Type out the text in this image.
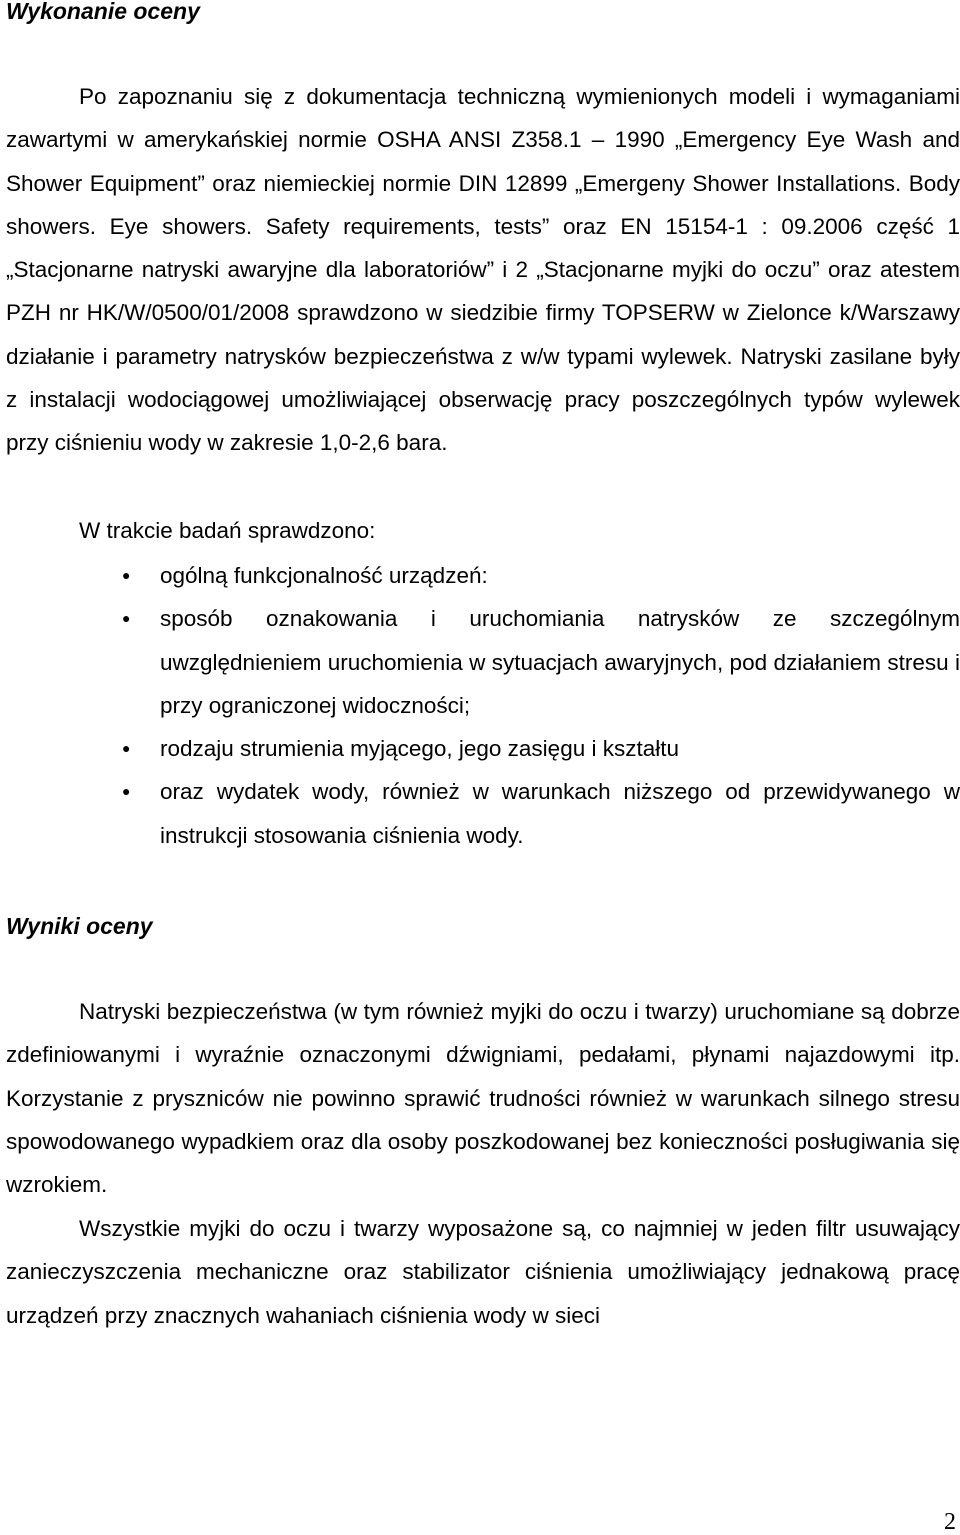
Wykonanie oceny

Po zapoznaniu się z dokumentacja techniczną wymienionych modeli i wymaganiami zawartymi w amerykańskiej normie OSHA ANSI Z358.1 – 1990 „Emergency Eye Wash and Shower Equipment” oraz niemieckiej normie DIN 12899 „Emergeny Shower Installations. Body showers. Eye showers. Safety requirements, tests” oraz EN 15154-1 : 09.2006 część 1 „Stacjonarne natryski awaryjne dla laboratoriów” i 2 „Stacjonarne myjki do oczu” oraz atestem PZH nr HK/W/0500/01/2008 sprawdzono w siedzibie firmy TOPSERW w Zielonce k/Warszawy działanie i parametry natrysków bezpieczeństwa z w/w typami wylewek. Natryski zasilane były z instalacji wodociągowej umożliwiającej obserwację pracy poszczególnych typów wylewek przy ciśnieniu wody w zakresie 1,0-2,6 bara.

W trakcie badań sprawdzono:

● ogólną funkcjonalność urządzeń:
● sposób oznakowania i uruchomiania natrysków ze szczególnym uwzględnieniem uruchomienia w sytuacjach awaryjnych, pod działaniem stresu i przy ograniczonej widoczności;
● rodzaju strumienia myjącego, jego zasięgu i kształtu
● oraz wydatek wody, również w warunkach niższego od przewidywanego w instrukcji stosowania ciśnienia wody.
Wyniki oceny

Natryski bezpieczeństwa (w tym również myjki do oczu i twarzy) uruchomiane są dobrze zdefiniowanymi i wyraźnie oznaczonymi dźwigniami, pedałami, płynami najazdowymi itp. Korzystanie z pryszniców nie powinno sprawić trudności również w warunkach silnego stresu spowodowanego wypadkiem oraz dla osoby poszkodowanej bez konieczności posługiwania się wzrokiem.

Wszystkie myjki do oczu i twarzy wyposażone są, co najmniej w jeden filtr usuwający zanieczyszczenia mechaniczne oraz stabilizator ciśnienia umożliwiający jednakową pracę urządzeń przy znacznych wahaniach ciśnienia wody w sieci

2
